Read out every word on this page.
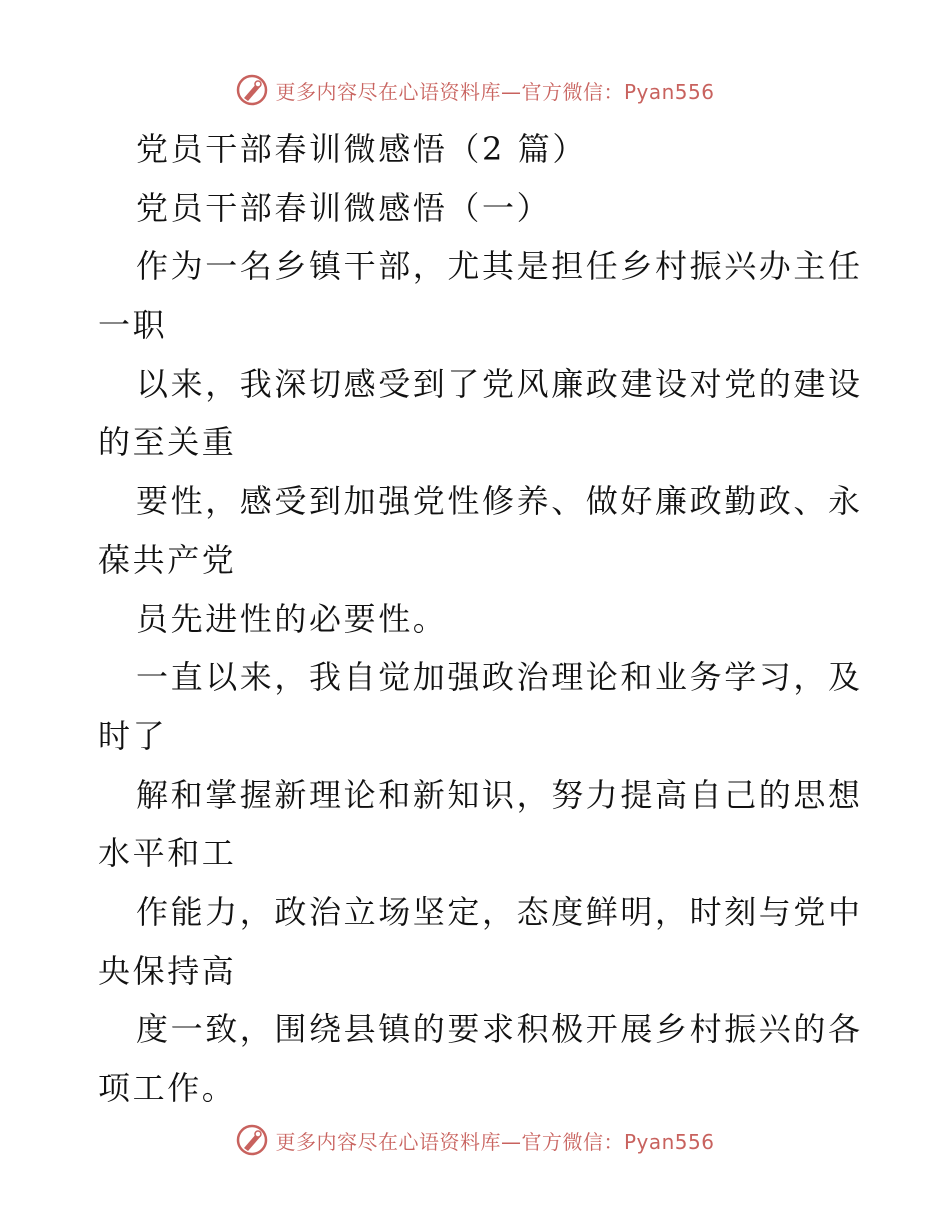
更多内容尽在心语资料库—官方微信：Pyan556
党员干部春训微感悟（2 篇）
党员干部春训微感悟（一）
作为一名乡镇干部，尤其是担任乡村振兴办主任
一职
以来，我深切感受到了党风廉政建设对党的建设
的至关重
要性，感受到加强党性修养、做好廉政勤政、永
葆共产党
员先进性的必要性。
一直以来，我自觉加强政治理论和业务学习，及
时了
解和掌握新理论和新知识，努力提高自己的思想
水平和工
作能力，政治立场坚定，态度鲜明，时刻与党中
央保持高
度一致，围绕县镇的要求积极开展乡村振兴的各
项工作。
更多内容尽在心语资料库—官方微信：Pyan556
